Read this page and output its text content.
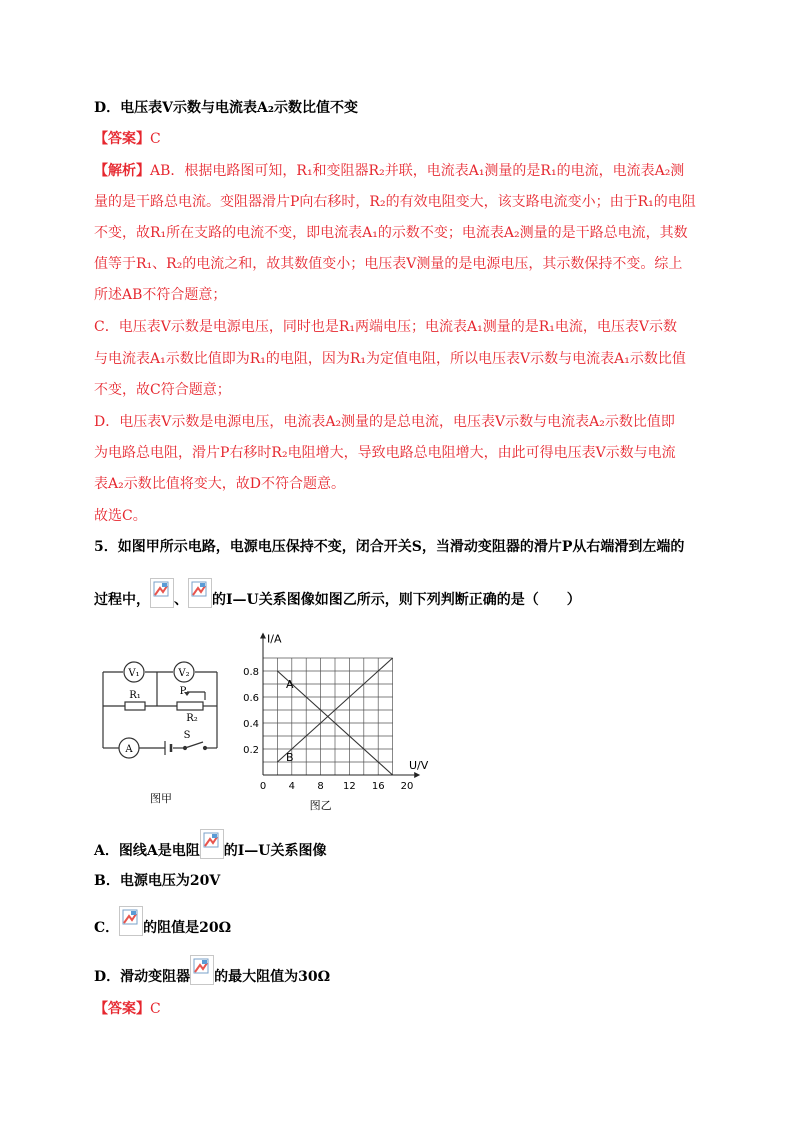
D．电压表V示数与电流表A₂示数比值不变
【答案】C
【解析】AB．根据电路图可知，R₁和变阻器R₂并联，电流表A₁测量的是R₁的电流，电流表A₂测
量的是干路总电流。变阻器滑片P向右移时，R₂的有效电阻变大，该支路电流变小；由于R₁的电阻
不变，故R₁所在支路的电流不变，即电流表A₁的示数不变；电流表A₂测量的是干路总电流，其数
值等于R₁、R₂的电流之和，故其数值变小；电压表V测量的是电源电压，其示数保持不变。综上
所述AB不符合题意；
C．电压表V示数是电源电压，同时也是R₁两端电压；电流表A₁测量的是R₁电流，电压表V示数
与电流表A₁示数比值即为R₁的电阻，因为R₁为定值电阻，所以电压表V示数与电流表A₁示数比值
不变，故C符合题意；
D．电压表V示数是电源电压，电流表A₂测量的是总电流，电压表V示数与电流表A₂示数比值即
为电路总电阻，滑片P右移时R₂电阻增大，导致电路总电阻增大，由此可得电压表V示数与电流
表A₂示数比值将变大，故D不符合题意。
故选C。
5．如图甲所示电路，电源电压保持不变，闭合开关S，当滑动变阻器的滑片P从右端滑到左端的
过程中， 、 的I—U关系图像如图乙所示，则下列判断正确的是（　　）
V₁	V₂
R₁	P
R₂
A
S
图甲
0 4 8 12 16 20
0.2
0.4
0.6
0.8
I/A
U/V
A
B
图乙
A．图线A是电阻 的I—U关系图像
B．电源电压为20V
C． 的阻值是20Ω
D．滑动变阻器 的最大阻值为30Ω
【答案】C
